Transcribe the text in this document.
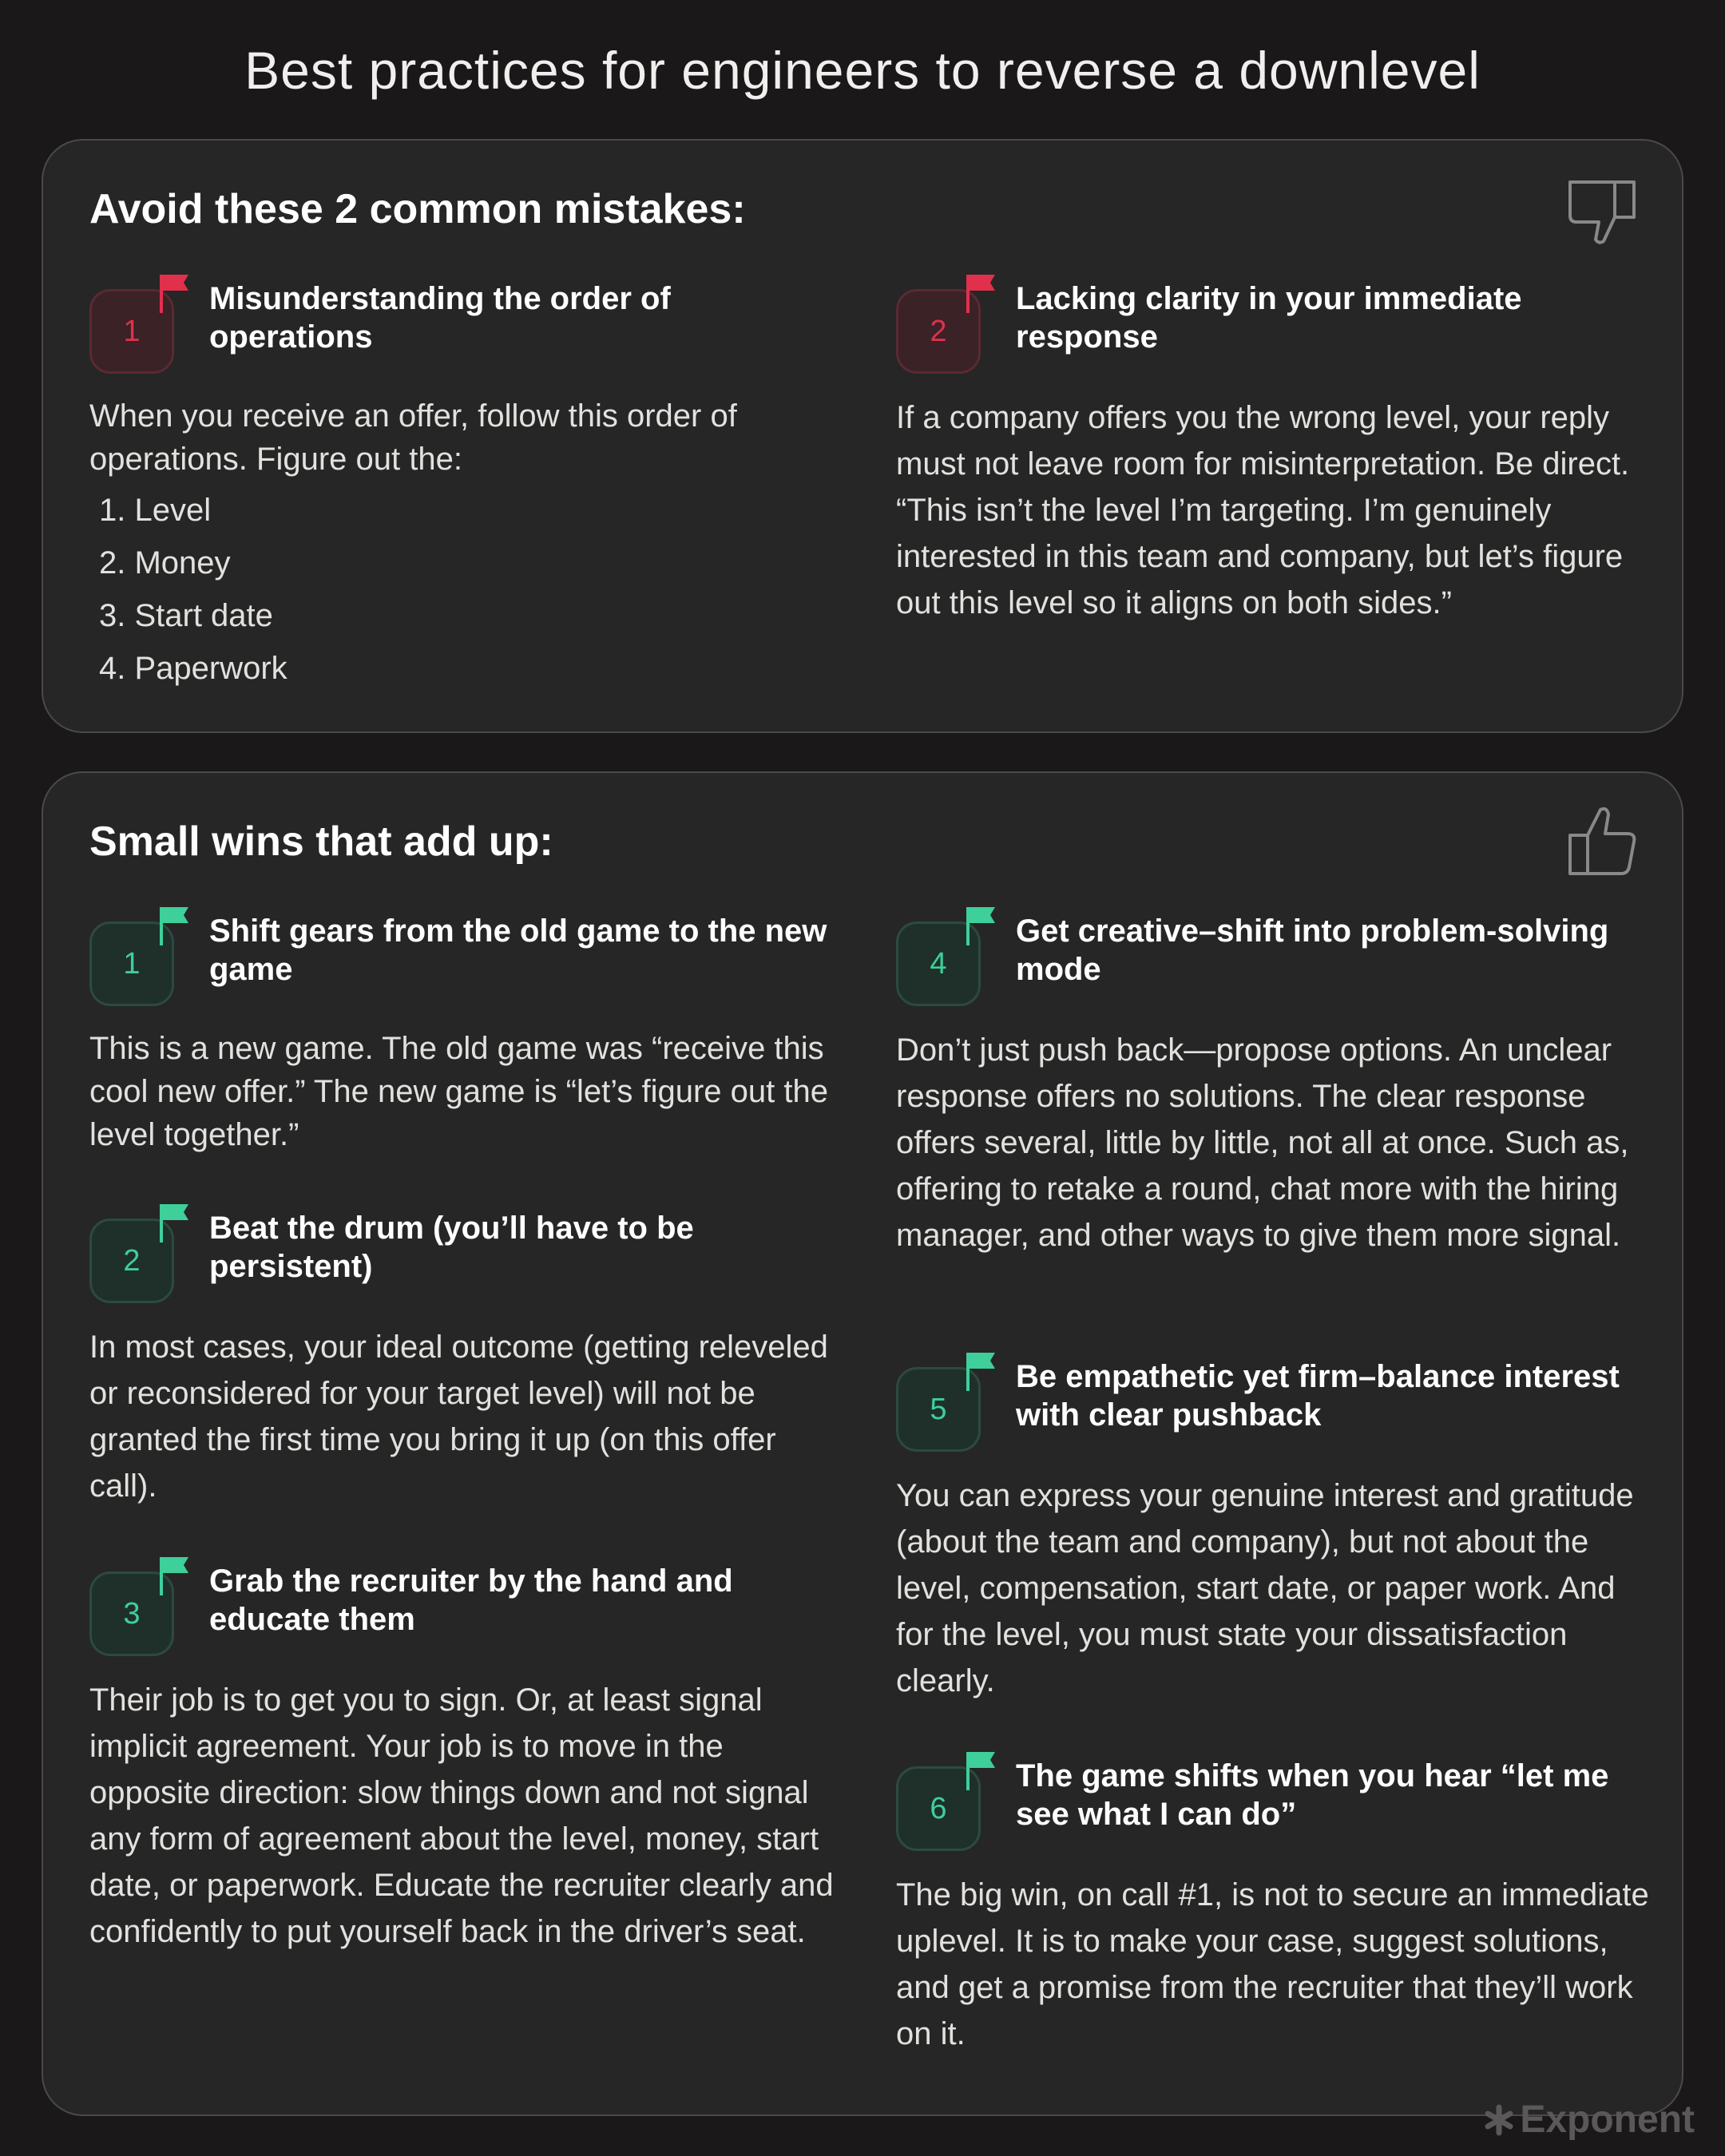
Best practices for engineers to reverse a downlevel
Avoid these 2 common mistakes:
1
Misunderstanding the order of operations
When you receive an offer, follow this order of operations. Figure out the:
1. Level
2. Money
3. Start date
4. Paperwork
2
Lacking clarity in your immediate response
If a company offers you the wrong level, your reply must not leave room for misinterpretation. Be direct. “This isn’t the level I’m targeting. I’m genuinely interested in this team and company, but let’s figure out this level so it aligns on both sides.”
Small wins that add up:
1
Shift gears from the old game to the new game
This is a new game. The old game was “receive this cool new offer.” The new game is “let’s figure out the level together.”
2
Beat the drum (you’ll have to be persistent)
In most cases, your ideal outcome (getting releveled or reconsidered for your target level) will not be granted the first time you bring it up (on this offer call).
3
Grab the recruiter by the hand and educate them
Their job is to get you to sign. Or, at least signal implicit agreement. Your job is to move in the opposite direction: slow things down and not signal any form of agreement about the level, money, start date, or paperwork. Educate the recruiter clearly and confidently to put yourself back in the driver’s seat.
4
Get creative–shift into problem-solving mode
Don’t just push back—propose options. An unclear response offers no solutions. The clear response offers several, little by little, not all at once. Such as, offering to retake a round, chat more with the hiring manager, and other ways to give them more signal.
5
Be empathetic yet firm–balance interest with clear pushback
You can express your genuine interest and gratitude (about the team and company), but not about the level, compensation, start date, or paper work. And for the level, you must state your dissatisfaction clearly.
6
The game shifts when you hear “let me see what I can do”
The big win, on call #1, is not to secure an immediate uplevel. It is to make your case, suggest solutions, and get a promise from the recruiter that they’ll work on it.
Exponent
